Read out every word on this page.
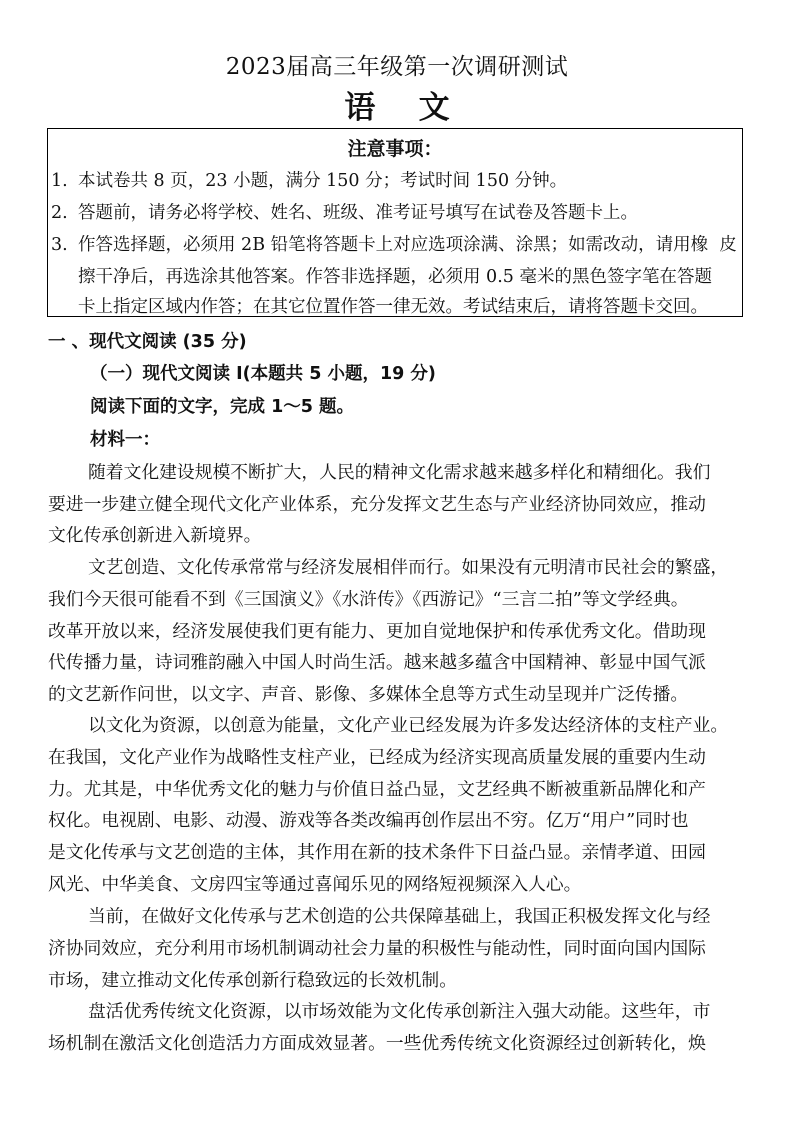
2023届高三年级第一次调研测试
语    文
注意事项：
1. 本试卷共 8 页，23 小题，满分 150 分；考试时间 150 分钟。
2. 答题前，请务必将学校、姓名、班级、准考证号填写在试卷及答题卡上。
3. 作答选择题，必须用 2B 铅笔将答题卡上对应选项涂满、涂黑；如需改动，请用橡  皮
擦干净后，再选涂其他答案。作答非选择题，必须用 0.5 毫米的黑色签字笔在答题
卡上指定区域内作答；在其它位置作答一律无效。考试结束后，请将答题卡交回。
一 、现代文阅读 (35 分)
（一）现代文阅读 I(本题共 5 小题，19 分)
阅读下面的文字，完成 1～5 题。
材料一：
随着文化建设规模不断扩大，人民的精神文化需求越来越多样化和精细化。我们
要进一步建立健全现代文化产业体系，充分发挥文艺生态与产业经济协同效应，推动
文化传承创新进入新境界。
文艺创造、文化传承常常与经济发展相伴而行。如果没有元明清市民社会的繁盛，
我们今天很可能看不到《三国演义》《水浒传》《西游记》“三言二拍”等文学经典。
改革开放以来，经济发展使我们更有能力、更加自觉地保护和传承优秀文化。借助现
代传播力量，诗词雅韵融入中国人时尚生活。越来越多蕴含中国精神、彰显中国气派
的文艺新作问世，以文字、声音、影像、多媒体全息等方式生动呈现并广泛传播。
以文化为资源，以创意为能量，文化产业已经发展为许多发达经济体的支柱产业。
在我国，文化产业作为战略性支柱产业，已经成为经济实现高质量发展的重要内生动
力。尤其是，中华优秀文化的魅力与价值日益凸显，文艺经典不断被重新品牌化和产
权化。电视剧、电影、动漫、游戏等各类改编再创作层出不穷。亿万“用户”同时也
是文化传承与文艺创造的主体，其作用在新的技术条件下日益凸显。亲情孝道、田园
风光、中华美食、文房四宝等通过喜闻乐见的网络短视频深入人心。
当前，在做好文化传承与艺术创造的公共保障基础上，我国正积极发挥文化与经
济协同效应，充分利用市场机制调动社会力量的积极性与能动性，同时面向国内国际
市场，建立推动文化传承创新行稳致远的长效机制。
盘活优秀传统文化资源，以市场效能为文化传承创新注入强大动能。这些年，市
场机制在激活文化创造活力方面成效显著。一些优秀传统文化资源经过创新转化，焕
